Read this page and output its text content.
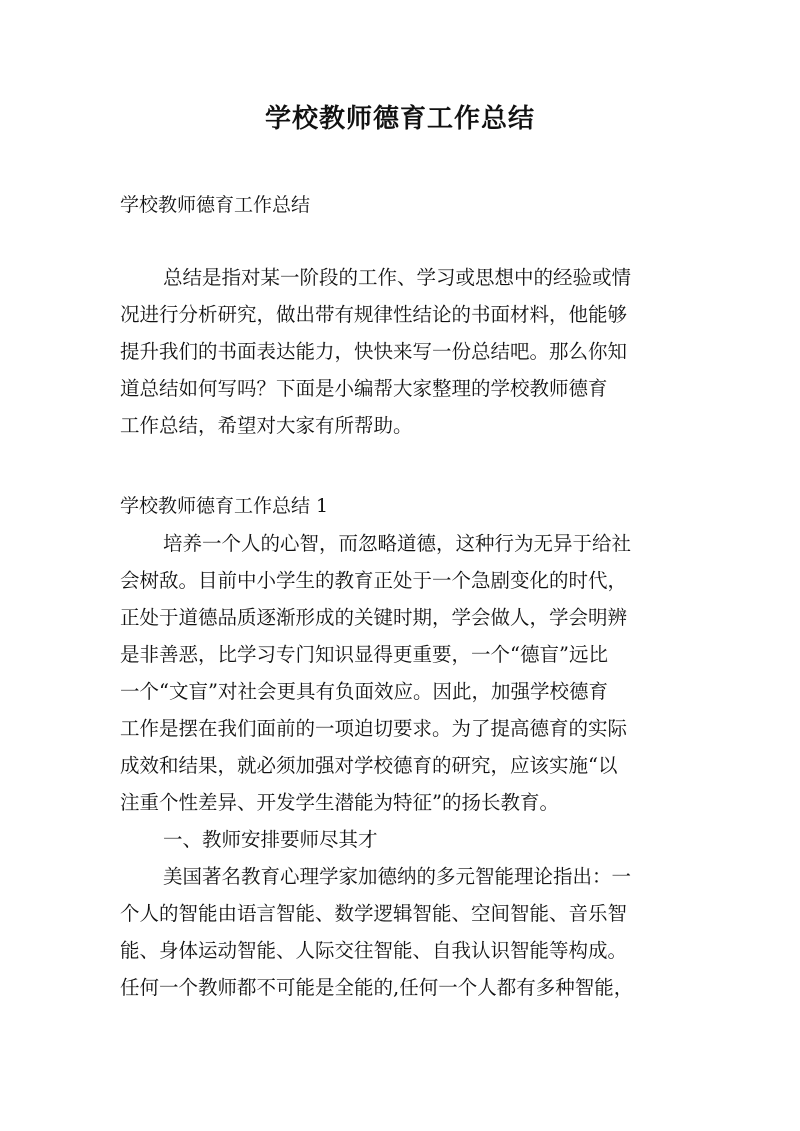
学校教师德育工作总结

学校教师德育工作总结

总结是指对某一阶段的工作、学习或思想中的经验或情
况进行分析研究，做出带有规律性结论的书面材料，他能够
提升我们的书面表达能力，快快来写一份总结吧。那么你知
道总结如何写吗？下面是小编帮大家整理的学校教师德育
工作总结，希望对大家有所帮助。

学校教师德育工作总结 1

培养一个人的心智，而忽略道德，这种行为无异于给社
会树敌。目前中小学生的教育正处于一个急剧变化的时代，
正处于道德品质逐渐形成的关键时期，学会做人，学会明辨
是非善恶，比学习专门知识显得更重要，一个“德盲”远比
一个“文盲”对社会更具有负面效应。因此，加强学校德育
工作是摆在我们面前的一项迫切要求。为了提高德育的实际
成效和结果，就必须加强对学校德育的研究，应该实施“以
注重个性差异、开发学生潜能为特征”的扬长教育。
一、教师安排要师尽其才
美国著名教育心理学家加德纳的多元智能理论指出：一
个人的智能由语言智能、数学逻辑智能、空间智能、音乐智
能、身体运动智能、人际交往智能、自我认识智能等构成。
任何一个教师都不可能是全能的,任何一个人都有多种智能，
